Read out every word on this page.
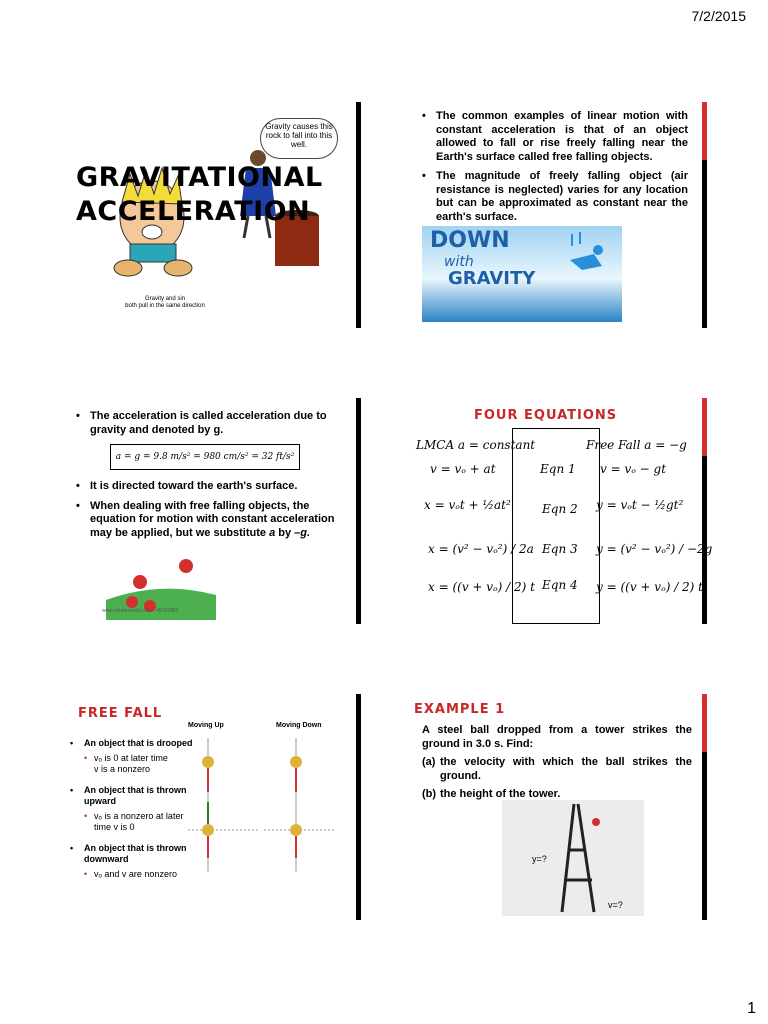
7/2/2015
1
Gravity causes this rock to fall into this well.
GRAVITATIONAL
ACCELERATION
Gravity and sin
both pull in the same direction
• The common examples of linear motion with constant acceleration is that of an object allowed to fall or rise freely falling near the Earth's surface called free falling objects.
• The magnitude of freely falling object (air resistance is neglected) varies for any location but can be approximated as constant near the earth's surface.
DOWN
with
GRAVITY
• The acceleration is called acceleration due to gravity and denoted by g.
a = g = 9.8 m/s² = 980 cm/s² = 32 ft/s²
• It is directed toward the earth's surface.
• When dealing with free falling objects, the equation for motion with constant acceleration may be applied, but we substitute a by –g.
www.shutterstock.com · 45797863
FOUR EQUATIONS
LMCA a = constant	Free Fall a = −g
v = vₒ + at	Eqn 1 v = vₒ − gt
x = vₒt + ½at²	Eqn 2 y = vₒt − ½gt²
x = (v² − vₒ²) / 2a Eqn 3 y = (v² − vₒ²) / −2g
x = ((v + vₒ) / 2) t Eqn 4 y = ((v + vₒ) / 2) t
FREE FALL
Moving Up	Moving Down
• An object that is drooped
• vₒ is 0 at later time
v is a nonzero
• An object that is thrown upward
• vₒ is a nonzero at later time v is 0
• An object that is thrown downward
• vₒ and v are nonzero
EXAMPLE 1
A steel ball dropped from a tower strikes the ground in 3.0 s. Find:
(a) the velocity with which the ball strikes the ground.
(b) the height of the tower.
y=?
v=?
